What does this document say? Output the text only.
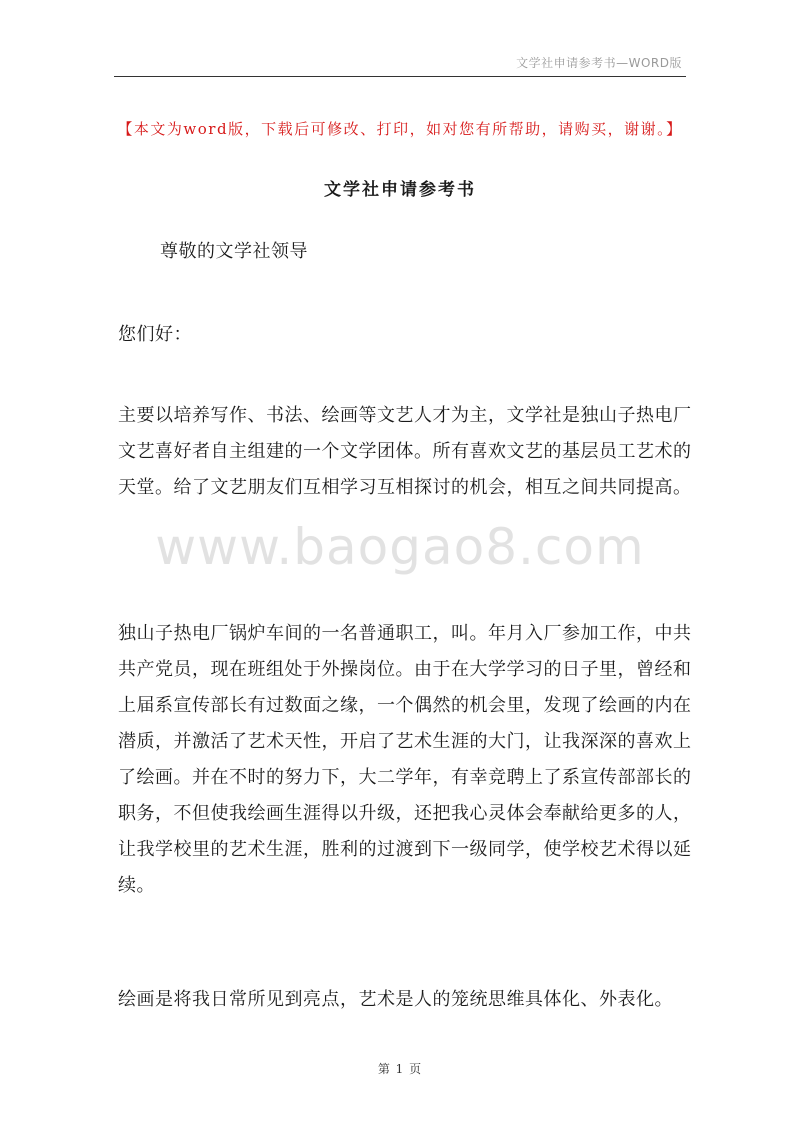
文学社申请参考书—WORD版
【本文为word版，下载后可修改、打印，如对您有所帮助，请购买，谢谢。】
文学社申请参考书

尊敬的文学社领导

您们好：

主要以培养写作、书法、绘画等文艺人才为主，文学社是独山子热电厂文艺喜好者自主组建的一个文学团体。所有喜欢文艺的基层员工艺术的天堂。给了文艺朋友们互相学习互相探讨的机会，相互之间共同提高。

www.baogao8.com

独山子热电厂锅炉车间的一名普通职工，叫。年月入厂参加工作，中共共产党员，现在班组处于外操岗位。由于在大学学习的日子里，曾经和上届系宣传部长有过数面之缘，一个偶然的机会里，发现了绘画的内在潜质，并激活了艺术天性，开启了艺术生涯的大门，让我深深的喜欢上了绘画。并在不时的努力下，大二学年，有幸竞聘上了系宣传部部长的职务，不但使我绘画生涯得以升级，还把我心灵体会奉献给更多的人，让我学校里的艺术生涯，胜利的过渡到下一级同学，使学校艺术得以延续。

绘画是将我日常所见到亮点，艺术是人的笼统思维具体化、外表化。

第 1 页
